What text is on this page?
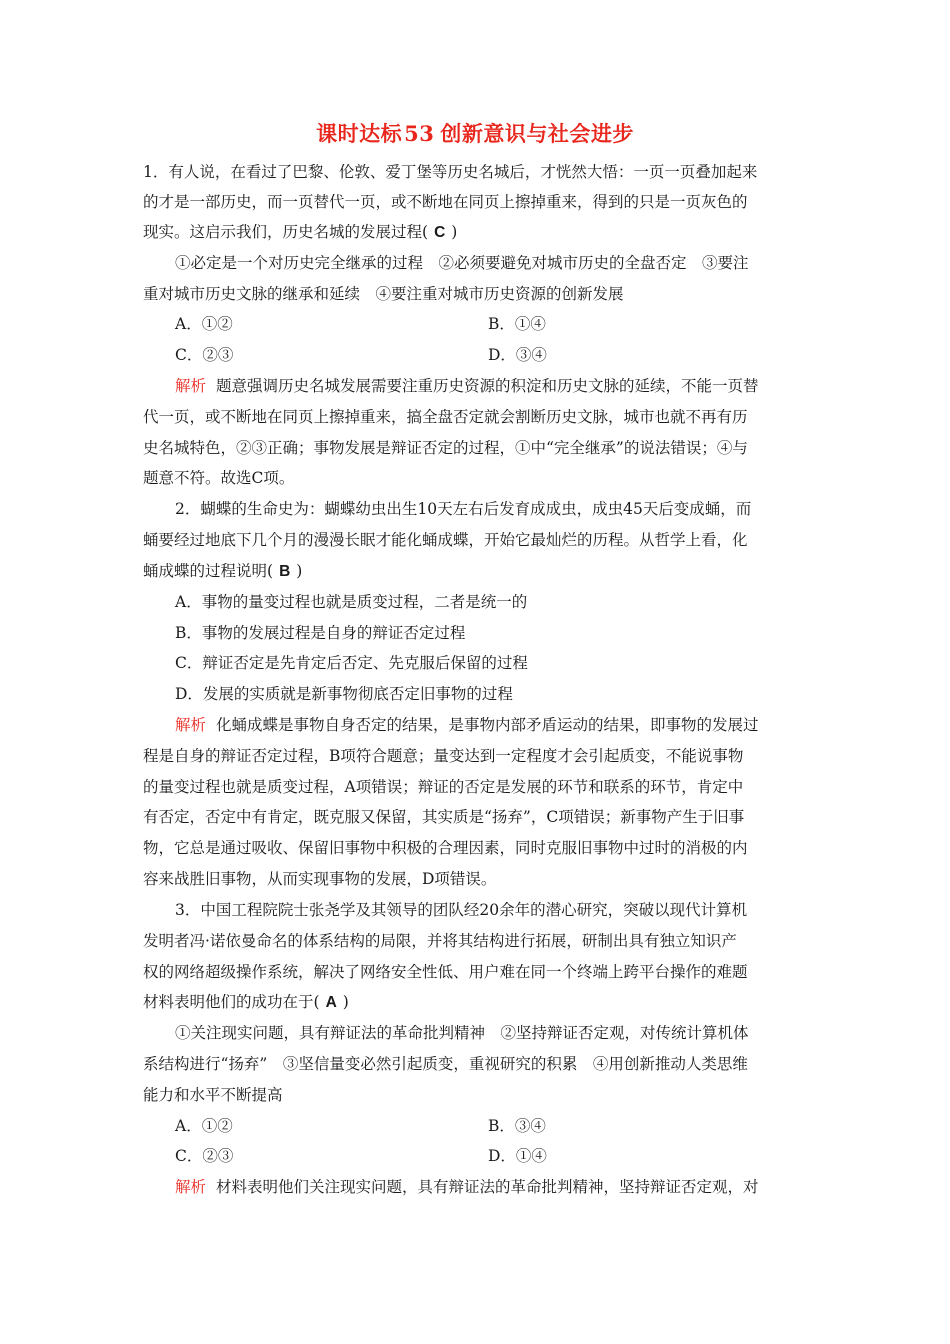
课时达标53 创新意识与社会进步
1．有人说，在看过了巴黎、伦敦、爱丁堡等历史名城后，才恍然大悟：一页一页叠加起来
的才是一部历史，而一页替代一页，或不断地在同页上擦掉重来，得到的只是一页灰色的
现实。这启示我们，历史名城的发展过程( C )
①必定是一个对历史完全继承的过程　②必须要避免对城市历史的全盘否定　③要注
重对城市历史文脉的继承和延续　④要注重对城市历史资源的创新发展
A．①②	B．①④
C．②③	D．③④
解析 题意强调历史名城发展需要注重历史资源的积淀和历史文脉的延续，不能一页替
代一页，或不断地在同页上擦掉重来，搞全盘否定就会割断历史文脉，城市也就不再有历
史名城特色，②③正确；事物发展是辩证否定的过程，①中“完全继承”的说法错误；④与
题意不符。故选C项。
2．蝴蝶的生命史为：蝴蝶幼虫出生10天左右后发育成成虫，成虫45天后变成蛹，而
蛹要经过地底下几个月的漫漫长眠才能化蛹成蝶，开始它最灿烂的历程。从哲学上看，化
蛹成蝶的过程说明( B )
A．事物的量变过程也就是质变过程，二者是统一的
B．事物的发展过程是自身的辩证否定过程
C．辩证否定是先肯定后否定、先克服后保留的过程
D．发展的实质就是新事物彻底否定旧事物的过程
解析 化蛹成蝶是事物自身否定的结果，是事物内部矛盾运动的结果，即事物的发展过
程是自身的辩证否定过程，B项符合题意；量变达到一定程度才会引起质变，不能说事物
的量变过程也就是质变过程，A项错误；辩证的否定是发展的环节和联系的环节，肯定中
有否定，否定中有肯定，既克服又保留，其实质是“扬弃”，C项错误；新事物产生于旧事
物，它总是通过吸收、保留旧事物中积极的合理因素，同时克服旧事物中过时的消极的内
容来战胜旧事物，从而实现事物的发展，D项错误。
3．中国工程院院士张尧学及其领导的团队经20余年的潜心研究，突破以现代计算机
发明者冯·诺依曼命名的体系结构的局限，并将其结构进行拓展，研制出具有独立知识产
权的网络超级操作系统，解决了网络安全性低、用户难在同一个终端上跨平台操作的难题
材料表明他们的成功在于( A )
①关注现实问题，具有辩证法的革命批判精神　②坚持辩证否定观，对传统计算机体
系结构进行“扬弃”　③坚信量变必然引起质变，重视研究的积累　④用创新推动人类思维
能力和水平不断提高
A．①②	B．③④
C．②③	D．①④
解析 材料表明他们关注现实问题，具有辩证法的革命批判精神，坚持辩证否定观，对
